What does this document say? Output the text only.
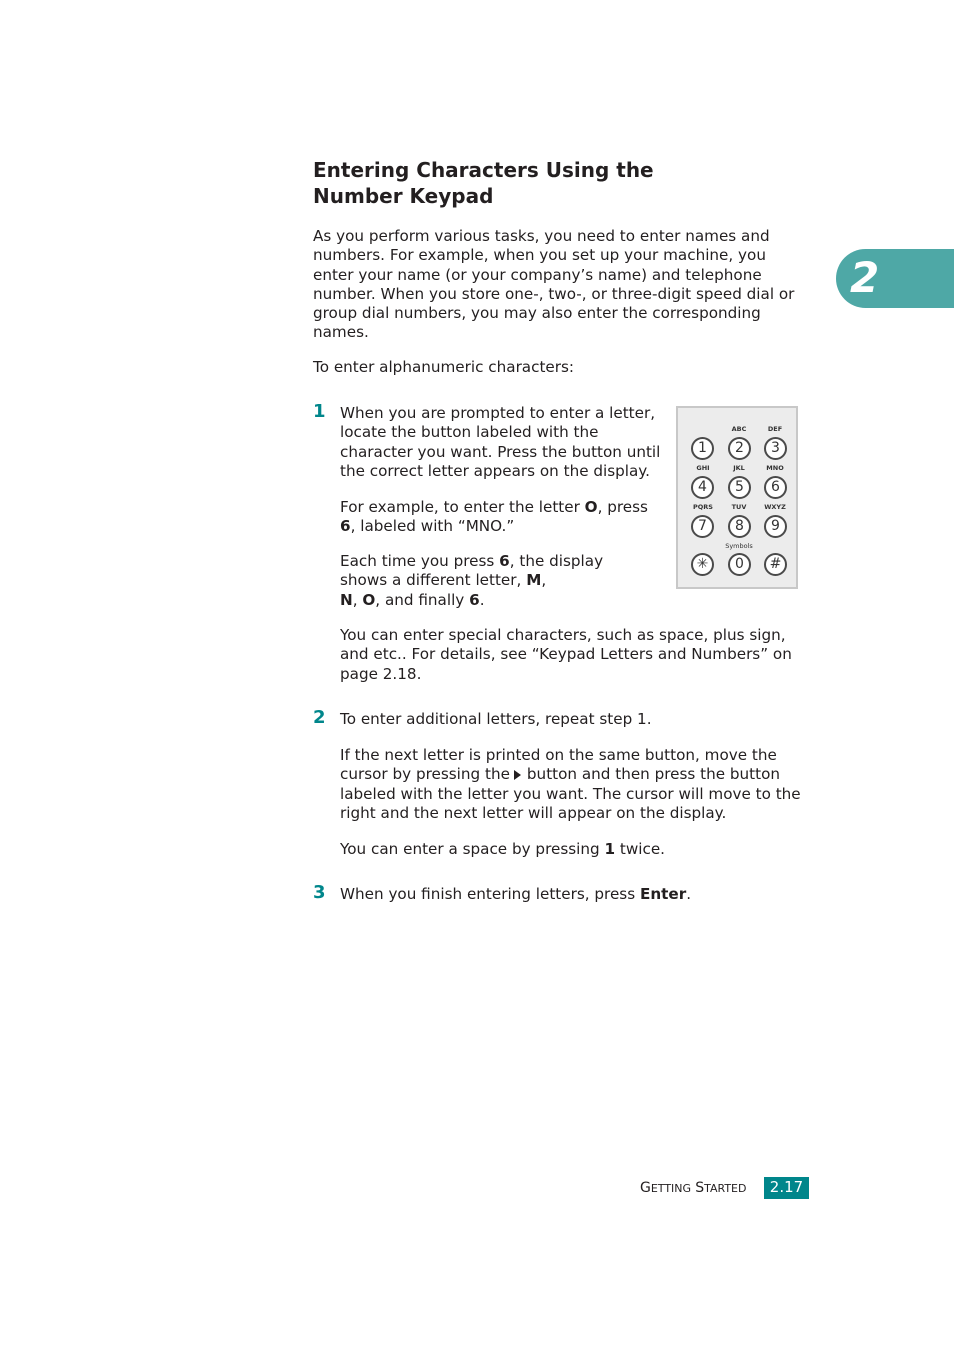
Entering Characters Using the
Number Keypad
2

As you perform various tasks, you need to enter names and numbers. For example, when you set up your machine, you enter your name (or your company’s name) and telephone number. When you store one-, two-, or three-digit speed dial or group dial numbers, you may also enter the corresponding names.

To enter alphanumeric characters:

1 When you are prompted to enter a letter, locate the button labeled with the character you want. Press the button until the correct letter appears on the display.

For example, to enter the letter O, press 6, labeled with “MNO.”

Each time you press 6, the display shows a different letter, M,
N, O, and finally 6.

You can enter special characters, such as space, plus sign, and etc.. For details, see “Keypad Letters and Numbers” on page 2.18.

ABC	DEF
1	2	3
GHI	JKL	MNO
4	5	6
PQRS	TUV	WXYZ
7	8	9
Symbols
✳	0	#
2 To enter additional letters, repeat step 1.

If the next letter is printed on the same button, move the cursor by pressing the button and then press the button labeled with the letter you want. The cursor will move to the right and the next letter will appear on the display.

You can enter a space by pressing 1 twice.

3 When you finish entering letters, press Enter.

GETTING STARTED	2.17
